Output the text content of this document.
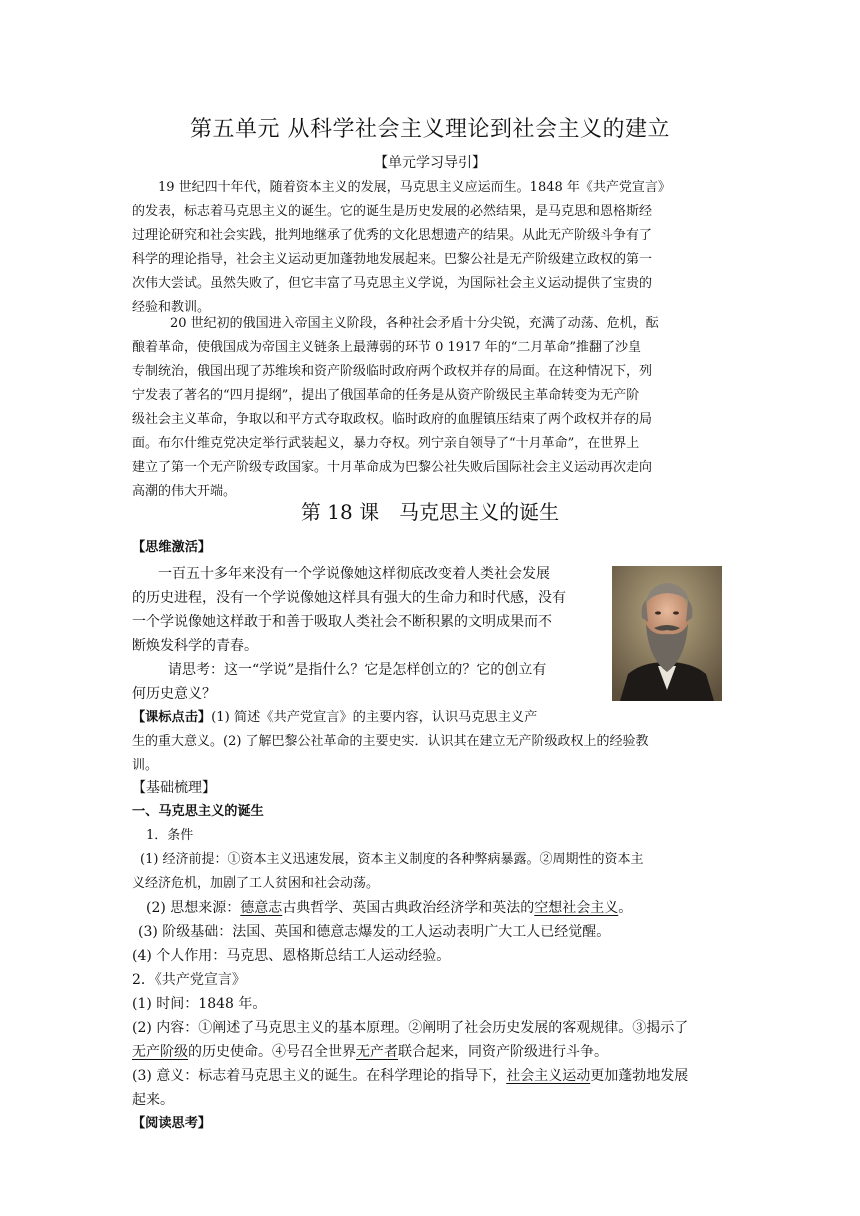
第五单元 从科学社会主义理论到社会主义的建立
【单元学习导引】
19 世纪四十年代，随着资本主义的发展，马克思主义应运而生。1848 年《共产党宣言》
的发表，标志着马克思主义的诞生。它的诞生是历史发展的必然结果，是马克思和恩格斯经
过理论研究和社会实践，批判地继承了优秀的文化思想遗产的结果。从此无产阶级斗争有了
科学的理论指导，社会主义运动更加蓬勃地发展起来。巴黎公社是无产阶级建立政权的第一
次伟大尝试。虽然失败了，但它丰富了马克思主义学说，为国际社会主义运动提供了宝贵的
经验和教训。
20 世纪初的俄国进入帝国主义阶段，各种社会矛盾十分尖锐，充满了动荡、危机，酝
酿着革命，使俄国成为帝国主义链条上最薄弱的环节 0 1917 年的“二月革命”推翻了沙皇
专制统治，俄国出现了苏维埃和资产阶级临时政府两个政权并存的局面。在这种情况下，列
宁发表了著名的“四月提纲”，提出了俄国革命的任务是从资产阶级民主革命转变为无产阶
级社会主义革命，争取以和平方式夺取政权。临时政府的血腥镇压结束了两个政权并存的局
面。布尔什维克党决定举行武装起义，暴力夺权。列宁亲自领导了“十月革命”，在世界上
建立了第一个无产阶级专政国家。十月革命成为巴黎公社失败后国际社会主义运动再次走向
高潮的伟大开端。
第 18 课　马克思主义的诞生
【思维激活】
一百五十多年来没有一个学说像她这样彻底改变着人类社会发展
的历史进程，没有一个学说像她这样具有强大的生命力和时代感，没有
一个学说像她这样敢于和善于吸取人类社会不断积累的文明成果而不
断焕发科学的青春。
请思考：这一“学说”是指什么？它是怎样创立的？它的创立有
何历史意义？
【课标点击】(1) 简述《共产党宣言》的主要内容，认识马克思主义产
生的重大意义。(2) 了解巴黎公社革命的主要史实．认识其在建立无产阶级政权上的经验教
训。
【基础梳理】
一、马克思主义的诞生
1．条件
(1) 经济前提：①资本主义迅速发展，资本主义制度的各种弊病暴露。②周期性的资本主
义经济危机，加剧了工人贫困和社会动荡。
(2) 思想来源：德意志古典哲学、英国古典政治经济学和英法的空想社会主义。
(3) 阶级基础：法国、英国和德意志爆发的工人运动表明广大工人已经觉醒。
(4) 个人作用：马克思、恩格斯总结工人运动经验。
2．《共产党宣言》
(1) 时间：1848 年。
(2) 内容：①阐述了马克思主义的基本原理。②阐明了社会历史发展的客观规律。③揭示了
无产阶级的历史使命。④号召全世界无产者联合起来，同资产阶级进行斗争。
(3) 意义：标志着马克思主义的诞生。在科学理论的指导下，社会主义运动更加蓬勃地发展
起来。
【阅读思考】
